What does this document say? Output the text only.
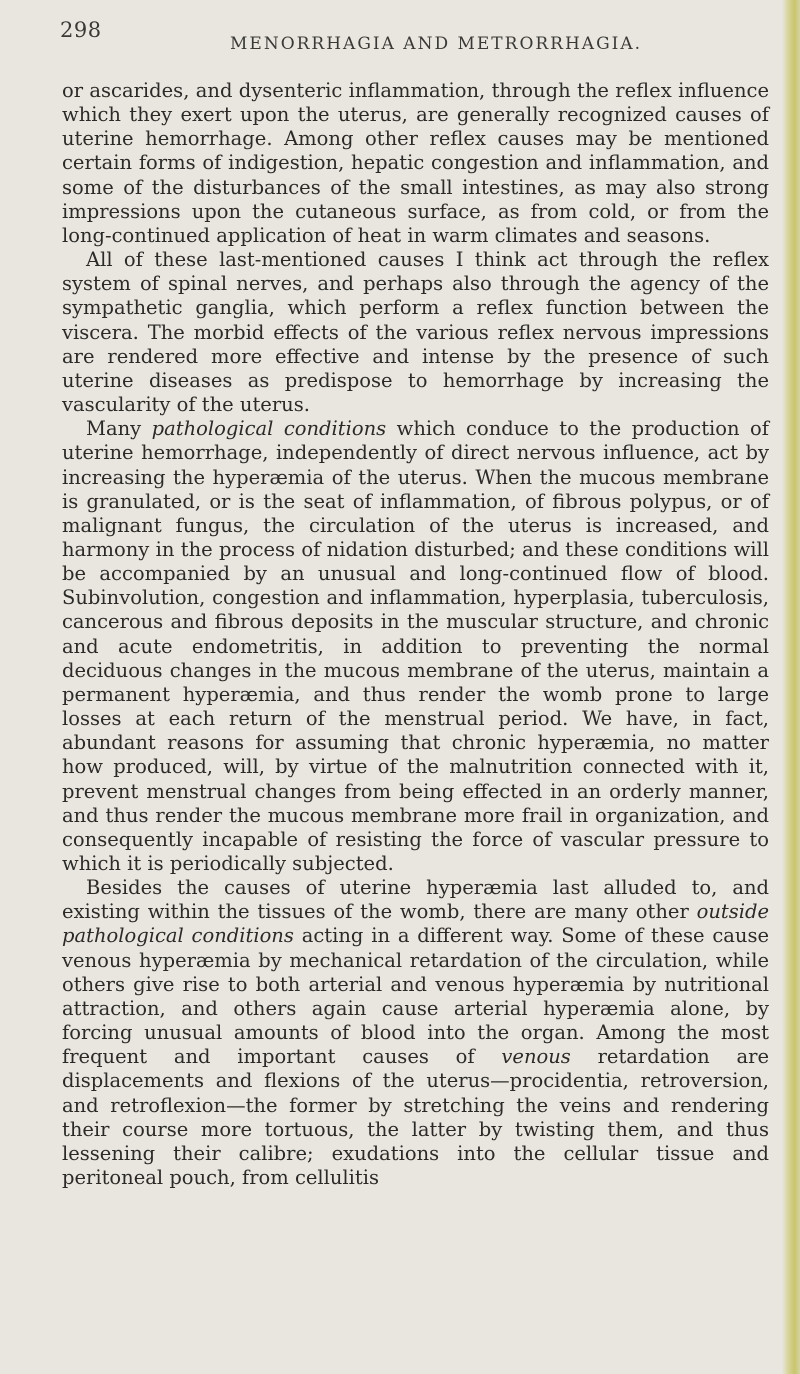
298
MENORRHAGIA AND METRORRHAGIA.

or ascarides, and dysenteric inflammation, through the reflex influence which they exert upon the uterus, are generally recognized causes of uterine hemorrhage. Among other reflex causes may be mentioned certain forms of indigestion, hepatic congestion and inflammation, and some of the disturbances of the small intestines, as may also strong impressions upon the cutaneous surface, as from cold, or from the long-continued application of heat in warm climates and seasons.

All of these last-mentioned causes I think act through the reflex system of spinal nerves, and perhaps also through the agency of the sympathetic ganglia, which perform a reflex function between the viscera. The morbid effects of the various reflex nervous impressions are rendered more effective and intense by the presence of such uterine diseases as predispose to hemorrhage by increasing the vascularity of the uterus.

Many pathological conditions which conduce to the production of uterine hemorrhage, independently of direct nervous influence, act by increasing the hyperæmia of the uterus. When the mucous membrane is granulated, or is the seat of inflammation, of fibrous polypus, or of malignant fungus, the circulation of the uterus is increased, and harmony in the process of nidation disturbed; and these conditions will be accompanied by an unusual and long-continued flow of blood. Subinvolution, congestion and inflammation, hyperplasia, tuberculosis, cancerous and fibrous deposits in the muscular structure, and chronic and acute endometritis, in addition to preventing the normal deciduous changes in the mucous membrane of the uterus, maintain a permanent hyperæmia, and thus render the womb prone to large losses at each return of the menstrual period. We have, in fact, abundant reasons for assuming that chronic hyperæmia, no matter how produced, will, by virtue of the malnutrition connected with it, prevent menstrual changes from being effected in an orderly manner, and thus render the mucous membrane more frail in organization, and consequently incapable of resisting the force of vascular pressure to which it is periodically subjected.

Besides the causes of uterine hyperæmia last alluded to, and existing within the tissues of the womb, there are many other outside pathological conditions acting in a different way. Some of these cause venous hyperæmia by mechanical retardation of the circulation, while others give rise to both arterial and venous hyperæmia by nutritional attraction, and others again cause arterial hyperæmia alone, by forcing unusual amounts of blood into the organ. Among the most frequent and important causes of venous retardation are displacements and flexions of the uterus—procidentia, retroversion, and retroflexion—the former by stretching the veins and rendering their course more tortuous, the latter by twisting them, and thus lessening their calibre; exudations into the cellular tissue and peritoneal pouch, from cellulitis
